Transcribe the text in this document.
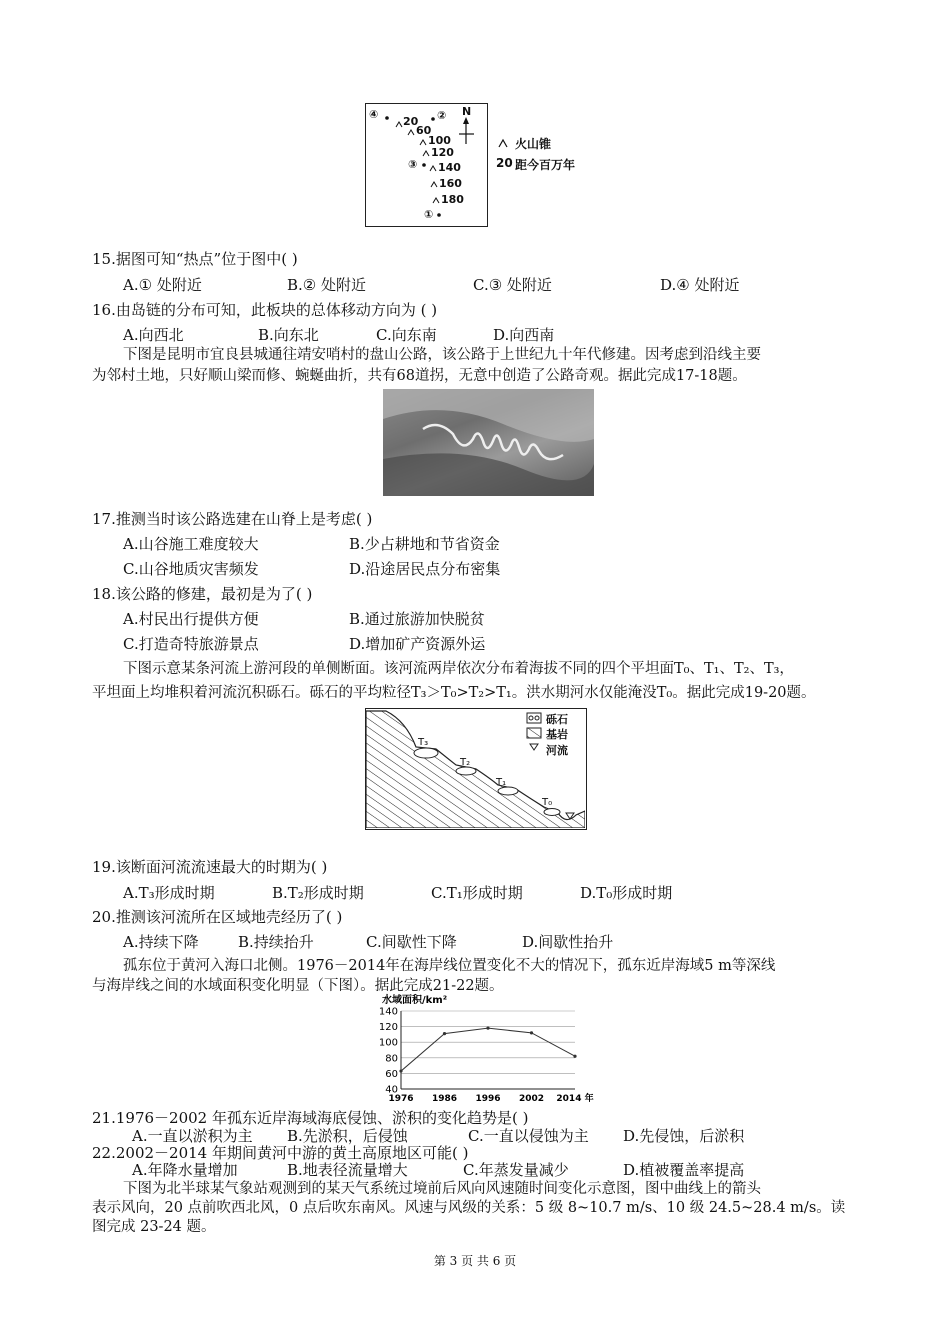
④	②
③
①
N
20
60
100
120
140
160
180
火山锥
20 距今百万年
15.据图可知“热点”位于图中( )
A.① 处附近	B.② 处附近	C.③ 处附近	D.④ 处附近
16.由岛链的分布可知，此板块的总体移动方向为 ( )
A.向西北	B.向东北	C.向东南	D.向西南
下图是昆明市宜良县城通往靖安哨村的盘山公路，该公路于上世纪九十年代修建。因考虑到沿线主要
为邻村土地，只好顺山梁而修、蜿蜒曲折，共有68道拐，无意中创造了公路奇观。据此完成17-18题。
17.推测当时该公路选建在山脊上是考虑( )
A.山谷施工难度较大	B.少占耕地和节省资金
C.山谷地质灾害频发	D.沿途居民点分布密集
18.该公路的修建，最初是为了( )
A.村民出行提供方便	B.通过旅游加快脱贫
C.打造奇特旅游景点	D.增加矿产资源外运
下图示意某条河流上游河段的单侧断面。该河流两岸依次分布着海拔不同的四个平坦面T₀、T₁、T₂、T₃，
平坦面上均堆积着河流沉积砾石。砾石的平均粒径T₃＞T₀>T₂>T₁。洪水期河水仅能淹没T₀。据此完成19-20题。
T₃
T₂
T₁
T₀
砾石
基岩
河流
19.该断面河流流速最大的时期为( )
A.T₃形成时期	B.T₂形成时期	C.T₁形成时期	D.T₀形成时期
20.推测该河流所在区域地壳经历了( )
A.持续下降	B.持续抬升	C.间歇性下降	D.间歇性抬升
孤东位于黄河入海口北侧。1976－2014年在海岸线位置变化不大的情况下，孤东近岸海域5 m等深线
与海岸线之间的水域面积变化明显（下图）。据此完成21-22题。
水域面积/km²
40
60
80
100
120
140
1976 1986 1996 2002 2014 年
21.1976－2002 年孤东近岸海域海底侵蚀、淤积的变化趋势是( )
A.一直以淤积为主 B.先淤积，后侵蚀	C.一直以侵蚀为主 D.先侵蚀，后淤积
22.2002－2014 年期间黄河中游的黄土高原地区可能( )
A.年降水量增加	B.地表径流量增大	C.年蒸发量减少	D.植被覆盖率提高
下图为北半球某气象站观测到的某天气系统过境前后风向风速随时间变化示意图，图中曲线上的箭头
表示风向，20 点前吹西北风，0 点后吹东南风。风速与风级的关系：5 级 8~10.7 m/s、10 级 24.5~28.4 m/s。读
图完成 23-24 题。
第 3 页 共 6 页
